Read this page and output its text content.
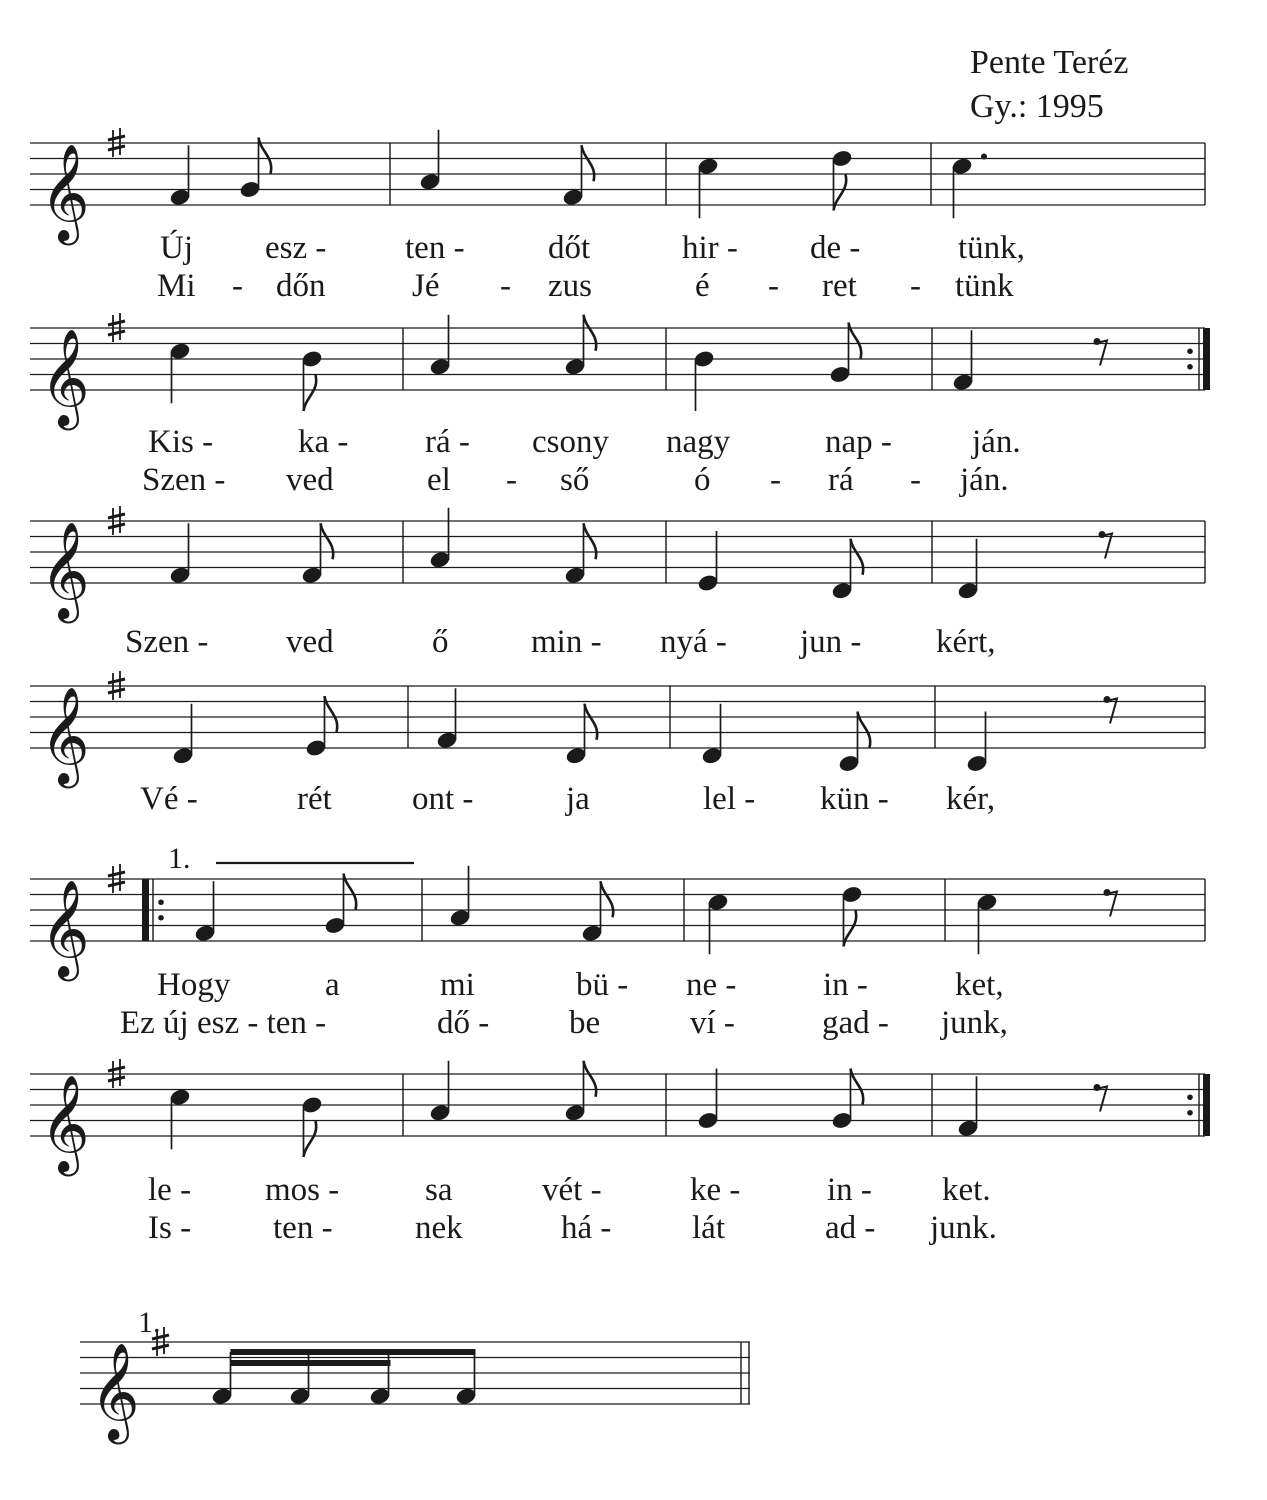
Pente Teréz
Gy.: 1995
𝄞
𝄞
𝄞
𝄞
𝄞
𝄞
𝄞
1.
1.
Új esz - ten -	dőt	hir - de -	tünk,
Mi - dőn	Jé - zus	é - ret - tünk
Kis -	ka - rá - csony nagy	nap - ján.
Szen - ved	el - ső	ó - rá - ján.
Szen - ved	ő	min - nyá - jun - kért,
Vé -	rét ont -	ja	lel - kün - kér,
Hogy	a	mi	bü - ne -	in -	ket,
Ez új esz - ten -	dő - be	ví -	gad - junk,
le - mos -	sa	vét -	ke -	in - ket.
Is - ten - nek	há - lát	ad - junk.
